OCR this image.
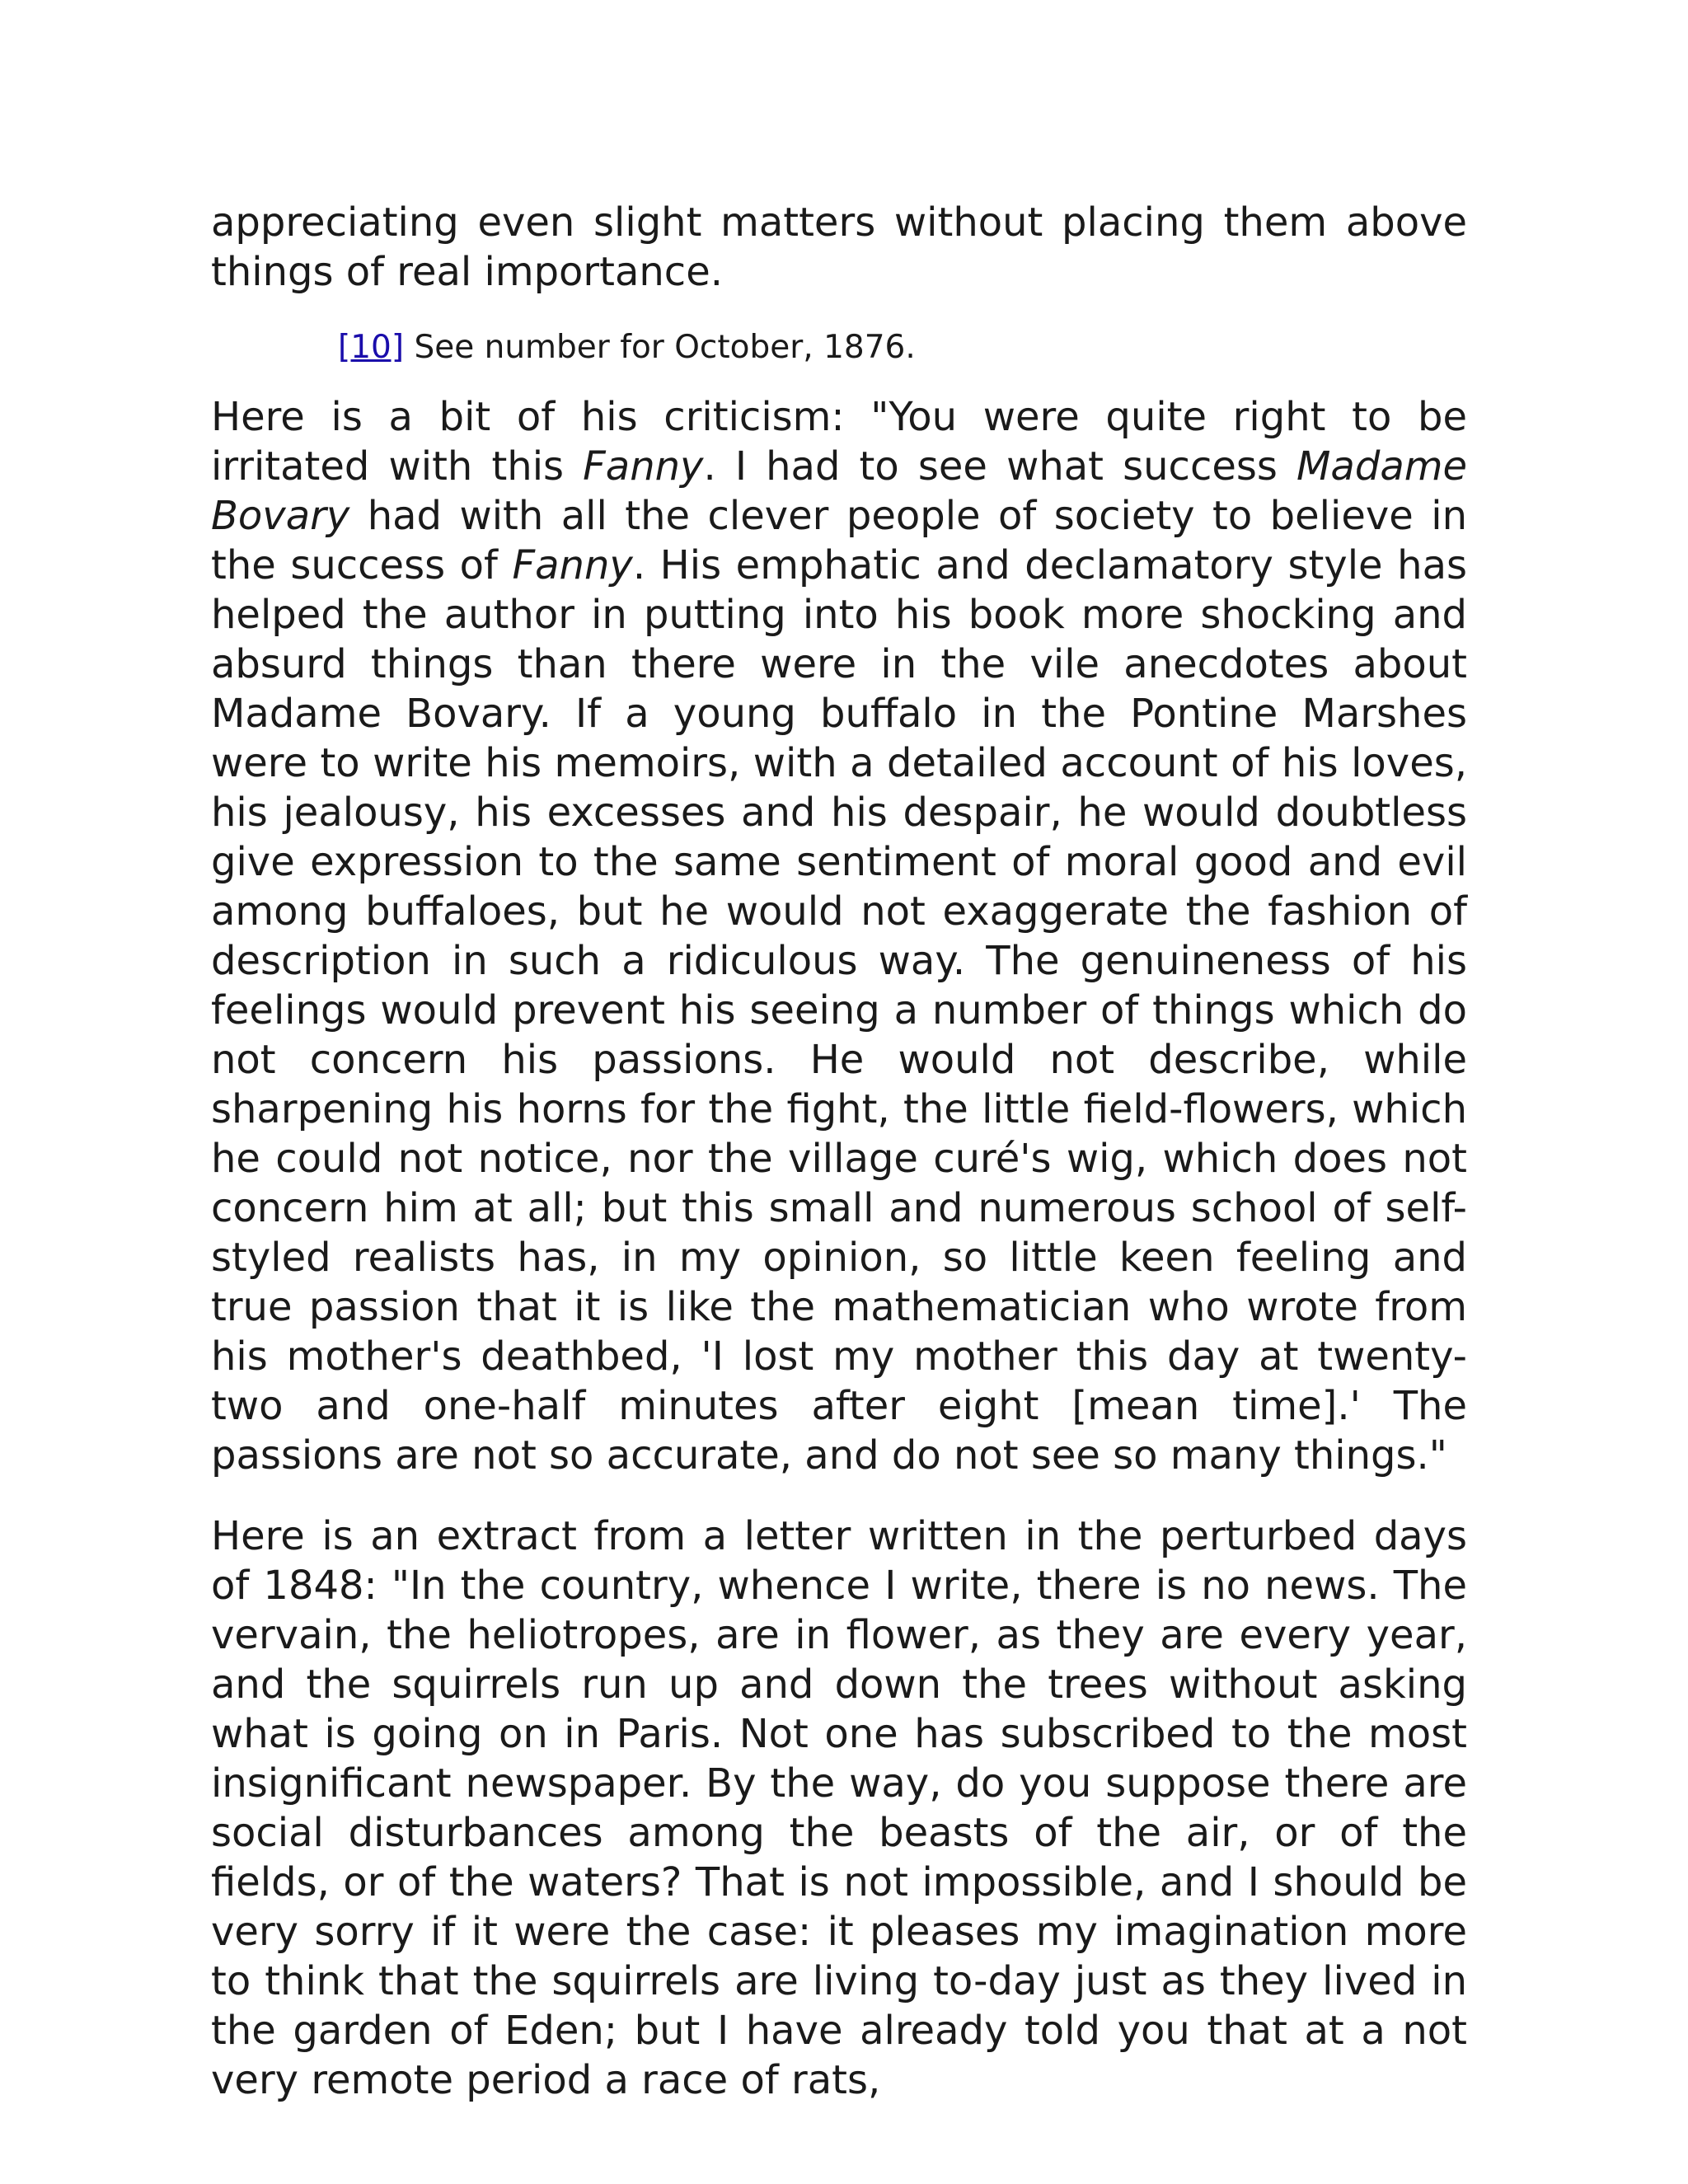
appreciating even slight matters without placing them above things of real importance.

[10] See number for October, 1876.

Here is a bit of his criticism: "You were quite right to be irritated with this Fanny. I had to see what success Madame Bovary had with all the clever people of society to believe in the success of Fanny. His emphatic and declamatory style has helped the author in putting into his book more shocking and absurd things than there were in the vile anecdotes about Madame Bovary. If a young buffalo in the Pontine Marshes were to write his memoirs, with a detailed account of his loves, his jealousy, his excesses and his despair, he would doubtless give expression to the same sentiment of moral good and evil among buffaloes, but he would not exaggerate the fashion of description in such a ridiculous way. The genuineness of his feelings would prevent his seeing a number of things which do not concern his passions. He would not describe, while sharpening his horns for the fight, the little field-flowers, which he could not notice, nor the village curé's wig, which does not concern him at all; but this small and numerous school of self-styled realists has, in my opinion, so little keen feeling and true passion that it is like the mathematician who wrote from his mother's deathbed, 'I lost my mother this day at twenty-two and one-half minutes after eight [mean time].' The passions are not so accurate, and do not see so many things."

Here is an extract from a letter written in the perturbed days of 1848: "In the country, whence I write, there is no news. The vervain, the heliotropes, are in flower, as they are every year, and the squirrels run up and down the trees without asking what is going on in Paris. Not one has subscribed to the most insignificant newspaper. By the way, do you suppose there are social disturbances among the beasts of the air, or of the fields, or of the waters? That is not impossible, and I should be very sorry if it were the case: it pleases my imagination more to think that the squirrels are living to-day just as they lived in the garden of Eden; but I have already told you that at a not very remote period a race of rats,
